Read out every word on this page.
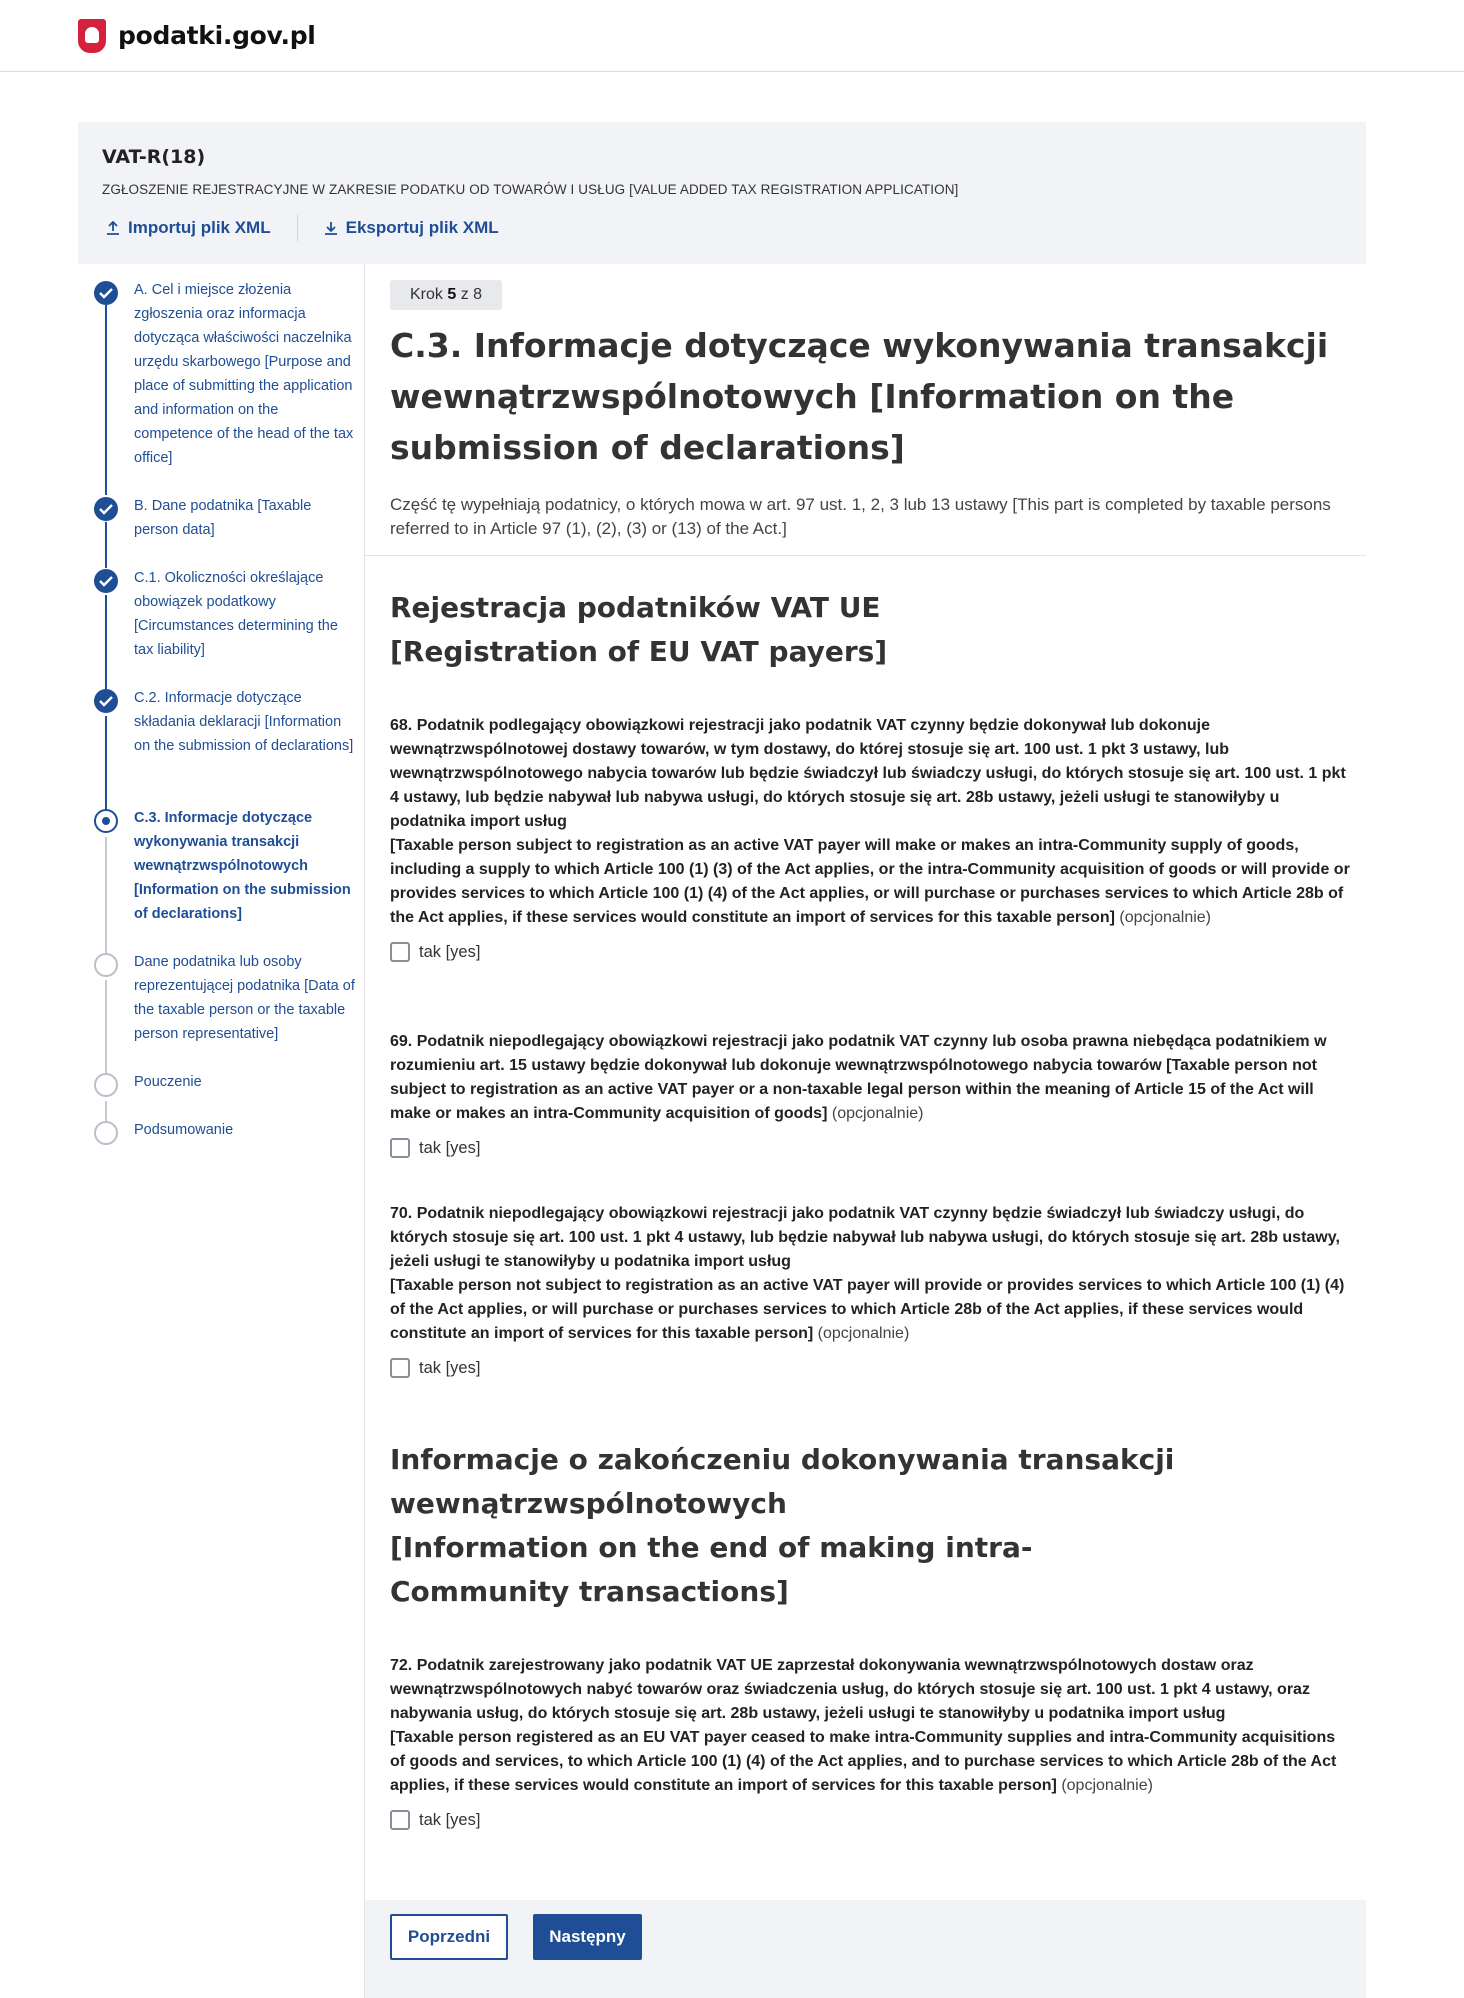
podatki.gov.pl
VAT-R(18)
ZGŁOSZENIE REJESTRACYJNE W ZAKRESIE PODATKU OD TOWARÓW I USŁUG [VALUE ADDED TAX REGISTRATION APPLICATION]
Importuj plik XML	Eksportuj plik XML
A. Cel i miejsce złożenia zgłoszenia oraz informacja dotycząca właściwości naczelnika urzędu skarbowego [Purpose and place of submitting the application and information on the competence of the head of the tax office]
B. Dane podatnika [Taxable person data]
C.1. Okoliczności określające obowiązek podatkowy [Circumstances determining the tax liability]
C.2. Informacje dotyczące składania deklaracji [Information on the submission of declarations]
C.3. Informacje dotyczące wykonywania transakcji wewnątrzwspólnotowych [Information on the submission of declarations]
Dane podatnika lub osoby reprezentującej podatnika [Data of the taxable person or the taxable person representative]
Pouczenie
Podsumowanie
Krok 5 z 8
C.3. Informacje dotyczące wykonywania transakcji wewnątrzwspólnotowych [Information on the submission of declarations]

Część tę wypełniają podatnicy, o których mowa w art. 97 ust. 1, 2, 3 lub 13 ustawy [This part is completed by taxable persons referred to in Article 97 (1), (2), (3) or (13) of the Act.]

Rejestracja podatników VAT UE
[Registration of EU VAT payers]
68. Podatnik podlegający obowiązkowi rejestracji jako podatnik VAT czynny będzie dokonywał lub dokonuje wewnątrzwspólnotowej dostawy towarów, w tym dostawy, do której stosuje się art. 100 ust. 1 pkt 3 ustawy, lub wewnątrzwspólnotowego nabycia towarów lub będzie świadczył lub świadczy usługi, do których stosuje się art. 100 ust. 1 pkt 4 ustawy, lub będzie nabywał lub nabywa usługi, do których stosuje się art. 28b ustawy, jeżeli usługi te stanowiłyby u podatnika import usług
[Taxable person subject to registration as an active VAT payer will make or makes an intra-Community supply of goods, including a supply to which Article 100 (1) (3) of the Act applies, or the intra-Community acquisition of goods or will provide or provides services to which Article 100 (1) (4) of the Act applies, or will purchase or purchases services to which Article 28b of the Act applies, if these services would constitute an import of services for this taxable person] (opcjonalnie)
tak [yes]
69. Podatnik niepodlegający obowiązkowi rejestracji jako podatnik VAT czynny lub osoba prawna niebędąca podatnikiem w rozumieniu art. 15 ustawy będzie dokonywał lub dokonuje wewnątrzwspólnotowego nabycia towarów [Taxable person not subject to registration as an active VAT payer or a non-taxable legal person within the meaning of Article 15 of the Act will make or makes an intra-Community acquisition of goods] (opcjonalnie)
tak [yes]
70. Podatnik niepodlegający obowiązkowi rejestracji jako podatnik VAT czynny będzie świadczył lub świadczy usługi, do których stosuje się art. 100 ust. 1 pkt 4 ustawy, lub będzie nabywał lub nabywa usługi, do których stosuje się art. 28b ustawy, jeżeli usługi te stanowiłyby u podatnika import usług
[Taxable person not subject to registration as an active VAT payer will provide or provides services to which Article 100 (1) (4) of the Act applies, or will purchase or purchases services to which Article 28b of the Act applies, if these services would constitute an import of services for this taxable person] (opcjonalnie)
tak [yes]
Informacje o zakończeniu dokonywania transakcji wewnątrzwspólnotowych
[Information on the end of making intra-Community transactions]
72. Podatnik zarejestrowany jako podatnik VAT UE zaprzestał dokonywania wewnątrzwspólnotowych dostaw oraz wewnątrzwspólnotowych nabyć towarów oraz świadczenia usług, do których stosuje się art. 100 ust. 1 pkt 4 ustawy, oraz nabywania usług, do których stosuje się art. 28b ustawy, jeżeli usługi te stanowiłyby u podatnika import usług
[Taxable person registered as an EU VAT payer ceased to make intra-Community supplies and intra-Community acquisitions of goods and services, to which Article 100 (1) (4) of the Act applies, and to purchase services to which Article 28b of the Act applies, if these services would constitute an import of services for this taxable person] (opcjonalnie)
tak [yes]
Poprzedni	Następny
